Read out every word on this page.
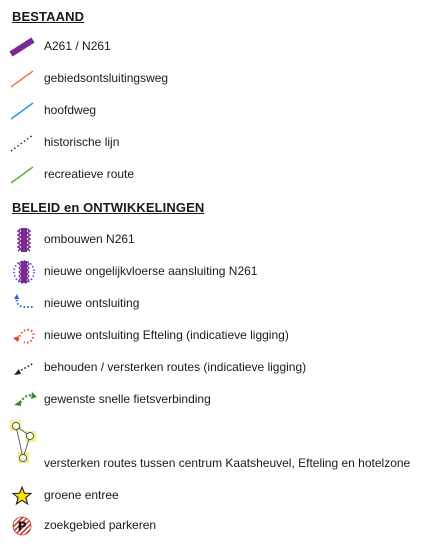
BESTAAND
A261 / N261
gebiedsontsluitingsweg
hoofdweg
historische lijn
recreatieve route
BELEID en ONTWIKKELINGEN
ombouwen N261
nieuwe ongelijkvloerse aansluiting N261
nieuwe ontsluiting
nieuwe ontsluiting Efteling (indicatieve ligging)
behouden / versterken routes (indicatieve ligging)
gewenste snelle fietsverbinding
versterken routes tussen centrum Kaatsheuvel, Efteling en hotelzone
groene entree
P zoekgebied parkeren
